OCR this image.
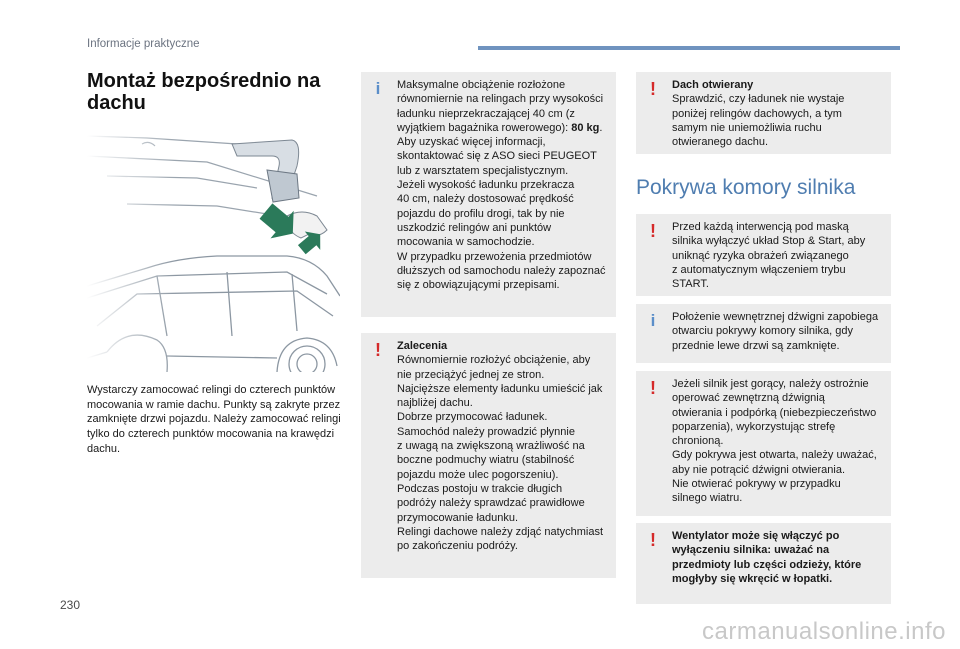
Informacje praktyczne
Montaż bezpośrednio na dachu
Wystarczy zamocować relingi do czterech punktów mocowania w ramie dachu. Punkty są zakryte przez zamknięte drzwi pojazdu. Należy zamocować relingi tylko do czterech punktów mocowania na krawędzi dachu.
i Maksymalne obciążenie rozłożone
równomiernie na relingach przy wysokości
ładunku nieprzekraczającej 40 cm (z
wyjątkiem bagażnika rowerowego): 80 kg.
Aby uzyskać więcej informacji,
skontaktować się z ASO sieci PEUGEOT
lub z warsztatem specjalistycznym.
Jeżeli wysokość ładunku przekracza
40 cm, należy dostosować prędkość
pojazdu do profilu drogi, tak by nie
uszkodzić relingów ani punktów
mocowania w samochodzie.
W przypadku przewożenia przedmiotów
dłuższych od samochodu należy zapoznać
się z obowiązującymi przepisami.

! Zalecenia
Równomiernie rozłożyć obciążenie, aby
nie przeciążyć jednej ze stron.
Najcięższe elementy ładunku umieścić jak
najbliżej dachu.
Dobrze przymocować ładunek.
Samochód należy prowadzić płynnie
z uwagą na zwiększoną wrażliwość na
boczne podmuchy wiatru (stabilność
pojazdu może ulec pogorszeniu).
Podczas postoju w trakcie długich
podróży należy sprawdzać prawidłowe
przymocowanie ładunku.
Relingi dachowe należy zdjąć natychmiast
po zakończeniu podróży.

! Dach otwierany
Sprawdzić, czy ładunek nie wystaje
poniżej relingów dachowych, a tym
samym nie uniemożliwia ruchu
otwieranego dachu.

Pokrywa komory silnika
! Przed każdą interwencją pod maską
silnika wyłączyć układ Stop & Start, aby
uniknąć ryzyka obrażeń związanego
z automatycznym włączeniem trybu
START.

i Położenie wewnętrznej dźwigni zapobiega
otwarciu pokrywy komory silnika, gdy
przednie lewe drzwi są zamknięte.

! Jeżeli silnik jest gorący, należy ostrożnie
operować zewnętrzną dźwignią
otwierania i podpórką (niebezpieczeństwo
poparzenia), wykorzystując strefę
chronioną.
Gdy pokrywa jest otwarta, należy uważać,
aby nie potrącić dźwigni otwierania.
Nie otwierać pokrywy w przypadku
silnego wiatru.

! Wentylator może się włączyć po
wyłączeniu silnika: uważać na
przedmioty lub części odzieży, które
mogłyby się wkręcić w łopatki.

230
carmanualsonline.info
